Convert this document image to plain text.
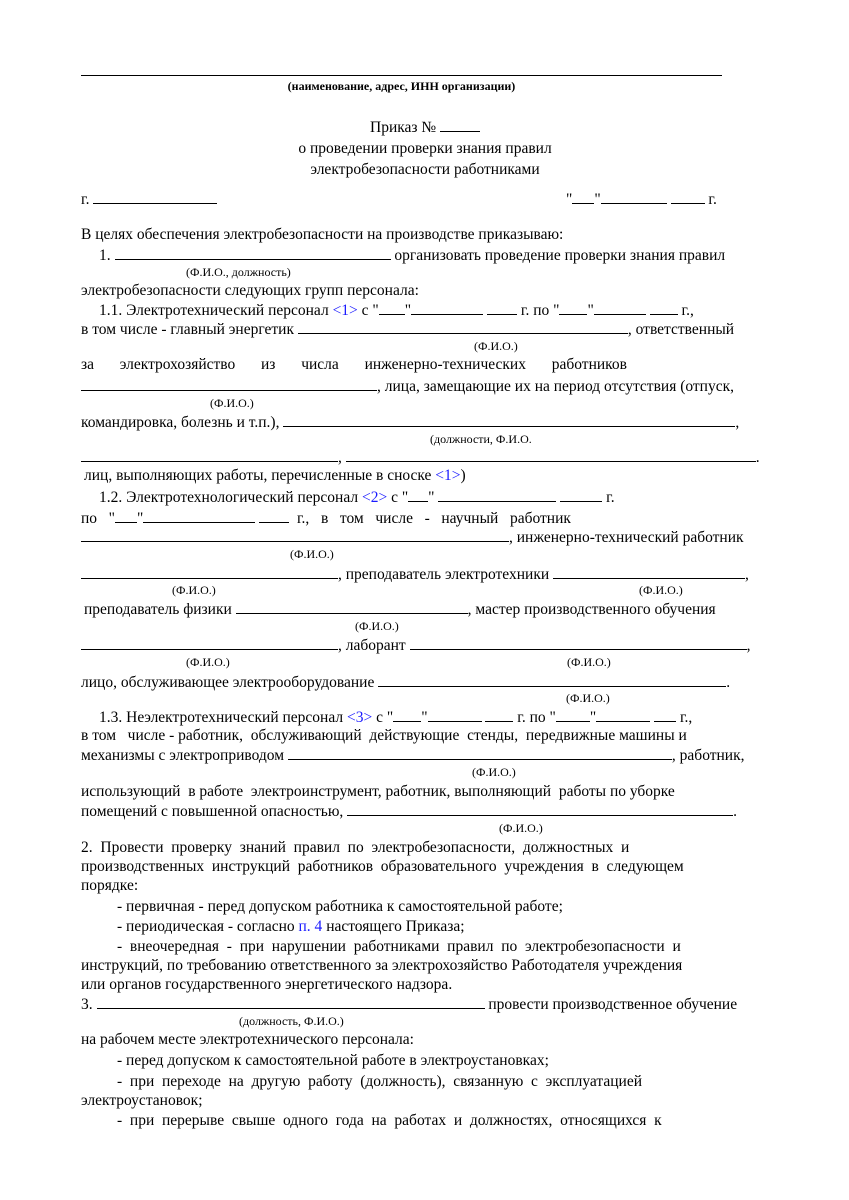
(наименование, адрес, ИНН организации)
Приказ №
о проведении проверки знания правил
электробезопасности работниками
г.	" "	г.
В целях обеспечения электробезопасности на производстве приказываю:
1.	организовать проведение проверки знания правил
(Ф.И.О., должность)
электробезопасности следующих групп персонала:
1.1. Электротехнический персонал <1> с " "	г. по " "	г.,
в том числе - главный энергетик	, ответственный
(Ф.И.О.)
за электрохозяйство из числа инженерно-технических работников
, лица, замещающие их на период отсутствия (отпуск,
(Ф.И.О.)
командировка, болезнь и т.п.),	,
(должности, Ф.И.О.
,	.
лиц, выполняющих работы, перечисленные в сноске <1>)
1.2. Электротехнологический персонал <2> с " "	г.
по " "	г., в том числе - научный работник
, инженерно-технический работник
(Ф.И.О.)
, преподаватель электротехники	,
(Ф.И.О.)	(Ф.И.О.)
преподаватель физики	, мастер производственного обучения
(Ф.И.О.)
, лаборант	,
(Ф.И.О.)	(Ф.И.О.)
лицо, обслуживающее электрооборудование	.
(Ф.И.О.)
1.3. Неэлектротехнический персонал <3> с " "	г. по " "	г.,
в том   числе - работник,  обслуживающий  действующие  стенды,  передвижные машины и
механизмы с электроприводом	, работник,
(Ф.И.О.)
использующий  в работе  электроинструмент, работник, выполняющий  работы по уборке
помещений с повышенной опасностью,	.
(Ф.И.О.)
2.  Провести  проверку  знаний  правил  по  электробезопасности,  должностных  и
производственных  инструкций  работников  образовательного  учреждения  в  следующем
порядке:
- первичная - перед допуском работника к самостоятельной работе;
- периодическая - согласно п. 4 настоящего Приказа;
-  внеочередная  -  при  нарушении  работниками  правил  по  электробезопасности  и
инструкций, по требованию ответственного за электрохозяйство Работодателя учреждения
или органов государственного энергетического надзора.
3.	провести производственное обучение
(должность, Ф.И.О.)
на рабочем месте электротехнического персонала:
- перед допуском к самостоятельной работе в электроустановках;
-  при  переходе  на  другую  работу  (должность),  связанную  с  эксплуатацией
электроустановок;
-  при  перерыве  свыше  одного  года  на  работах  и  должностях,  относящихся  к
